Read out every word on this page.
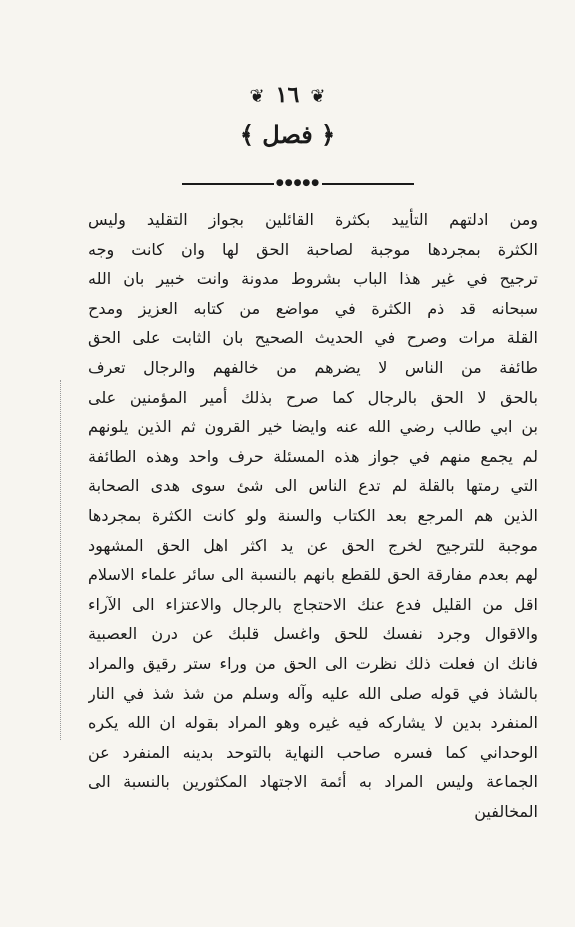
❦ ١٦ ❦
﴿ فصل ﴾
●●●●●
ومن ادلتهم التأييد بكثرة القائلين بجواز التقليد وليس
الكثرة بمجردها موجبة لصاحبة الحق لها وان كانت وجه
ترجيح في غير هذا الباب بشروط مدونة وانت خبير بان الله
سبحانه قد ذم الكثرة في مواضع من كتابه العزيز ومدح
القلة مرات وصرح في الحديث الصحيح بان الثابت على الحق
طائفة من الناس لا يضرهم من خالفهم والرجال تعرف
بالحق لا الحق بالرجال كما صرح بذلك أمير المؤمنين على
بن ابي طالب رضي الله عنه وايضا خير القرون ثم الذين يلونهم
لم يجمع منهم في جواز هذه المسئلة حرف واحد وهذه الطائفة
التي رمتها بالقلة لم تدع الناس الى شئ سوى هدى الصحابة
الذين هم المرجع بعد الكتاب والسنة ولو كانت الكثرة بمجردها
موجبة للترجيح لخرج الحق عن يد اكثر اهل الحق المشهود
لهم بعدم مفارقة الحق للقطع بانهم بالنسبة الى سائر علماء الاسلام
اقل من القليل فدع عنك الاحتجاج بالرجال والاعتزاء الى الآراء
والاقوال وجرد نفسك للحق واغسل قلبك عن درن العصبية
فانك ان فعلت ذلك نظرت الى الحق من وراء ستر رقيق والمراد
بالشاذ في قوله صلى الله عليه وآله وسلم من شذ شذ في النار
المنفرد بدين لا يشاركه فيه غيره وهو المراد بقوله ان الله يكره
الوحداني كما فسره صاحب النهاية بالتوحد بدينه المنفرد عن
الجماعة وليس المراد به أئمة الاجتهاد المكثورين بالنسبة الى
المخالفين
